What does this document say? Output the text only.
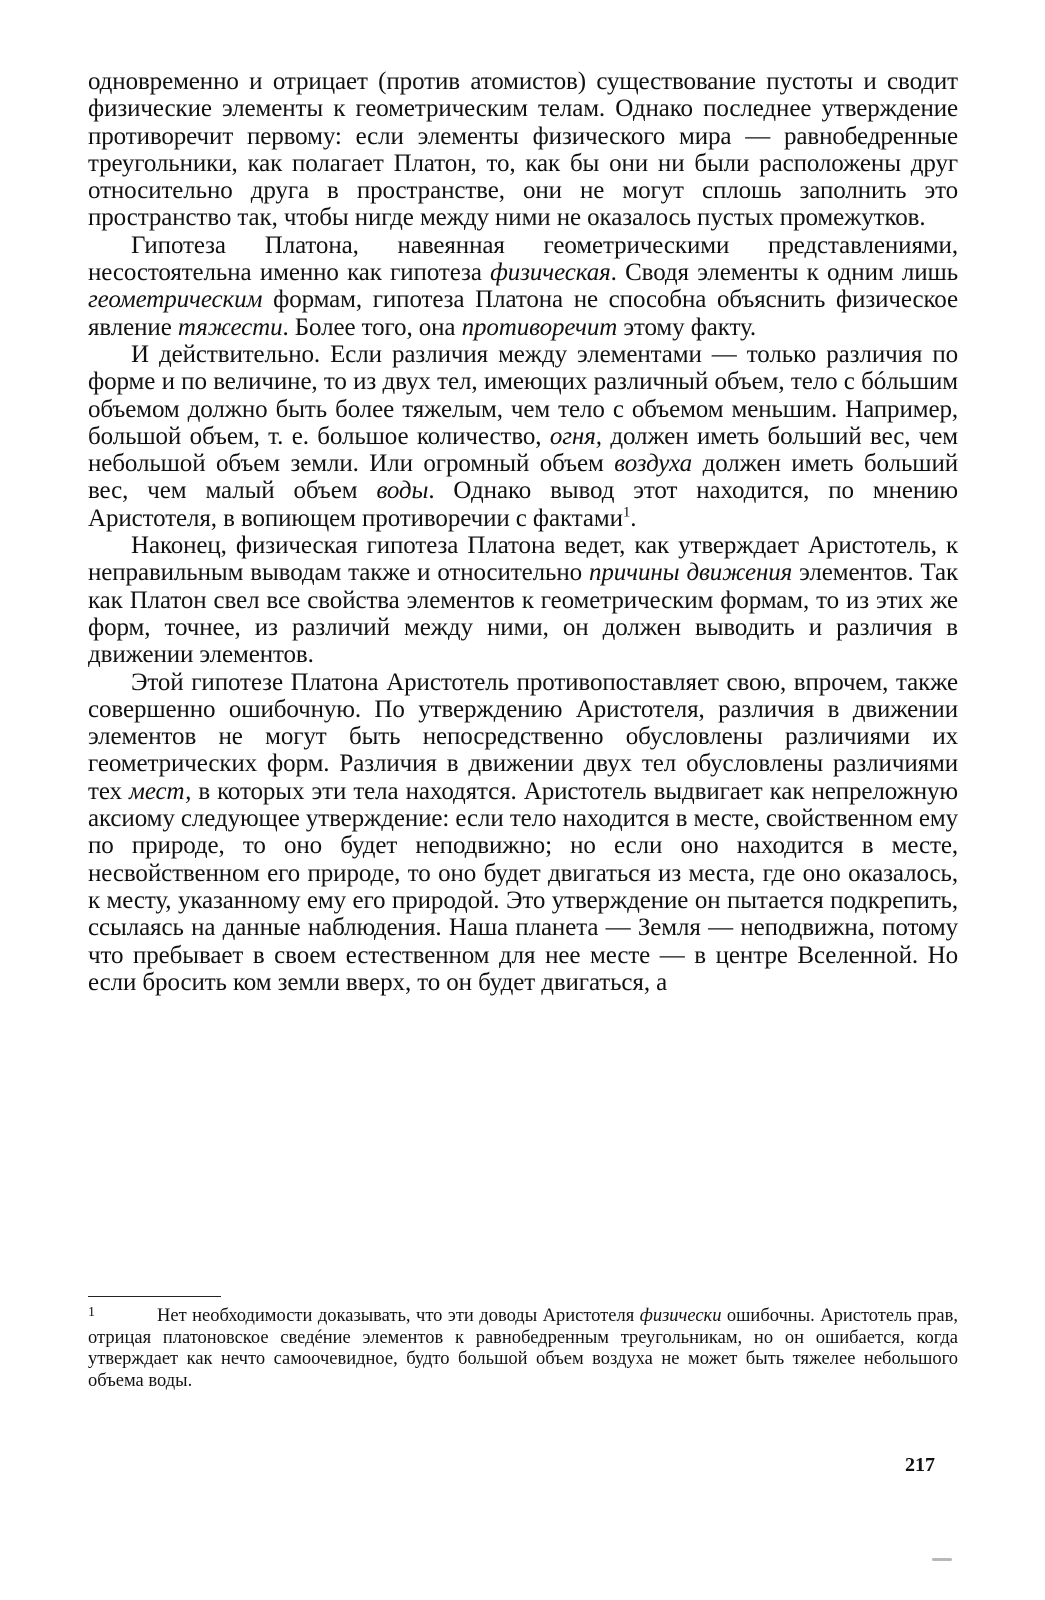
одновременно и отрицает (против атомистов) существование пустоты и сводит физические элементы к геометрическим телам. Однако последнее утверждение противоречит первому: если элементы физического мира — равнобедренные треугольники, как полагает Платон, то, как бы они ни были расположены друг относительно друга в пространстве, они не могут сплошь заполнить это пространство так, чтобы нигде между ними не оказалось пустых промежутков.

Гипотеза Платона, навеянная геометрическими представлениями, несостоятельна именно как гипотеза физическая. Сводя элементы к одним лишь геометрическим формам, гипотеза Платона не способна объяснить физическое явление тяжести. Более того, она противоречит этому факту.

И действительно. Если различия между элементами — только различия по форме и по величине, то из двух тел, имеющих различный объем, тело с бóльшим объемом должно быть более тяжелым, чем тело с объемом меньшим. Например, большой объем, т. е. большое количество, огня, должен иметь больший вес, чем небольшой объем земли. Или огромный объем воздуха должен иметь больший вес, чем малый объем воды. Однако вывод этот находится, по мнению Аристотеля, в вопиющем противоречии с фактами$^1$.

Наконец, физическая гипотеза Платона ведет, как утверждает Аристотель, к неправильным выводам также и относительно причины движения элементов. Так как Платон свел все свойства элементов к геометрическим формам, то из этих же форм, точнее, из различий между ними, он должен выводить и различия в движении элементов.

Этой гипотезе Платона Аристотель противопоставляет свою, впрочем, также совершенно ошибочную. По утверждению Аристотеля, различия в движении элементов не могут быть непосредственно обусловлены различиями их геометрических форм. Различия в движении двух тел обусловлены различиями тех мест, в которых эти тела находятся. Аристотель выдвигает как непреложную аксиому следующее утверждение: если тело находится в месте, свойственном ему по природе, то оно будет неподвижно; но если оно находится в месте, несвойственном его природе, то оно будет двигаться из места, где оно оказалось, к месту, указанному ему его природой. Это утверждение он пытается подкрепить, ссылаясь на данные наблюдения. Наша планета — Земля — неподвижна, потому что пребывает в своем естественном для нее месте — в центре Вселенной. Но если бросить ком земли вверх, то он будет двигаться, а

$^1$	Нет необходимости доказывать, что эти доводы Аристотеля физически ошибочны. Аристотель прав, отрицая платоновское сведéние элементов к равнобедренным треугольникам, но он ошибается, когда утверждает как нечто самоочевидное, будто большой объем воздуха не может быть тяжелее небольшого объема воды.

217
